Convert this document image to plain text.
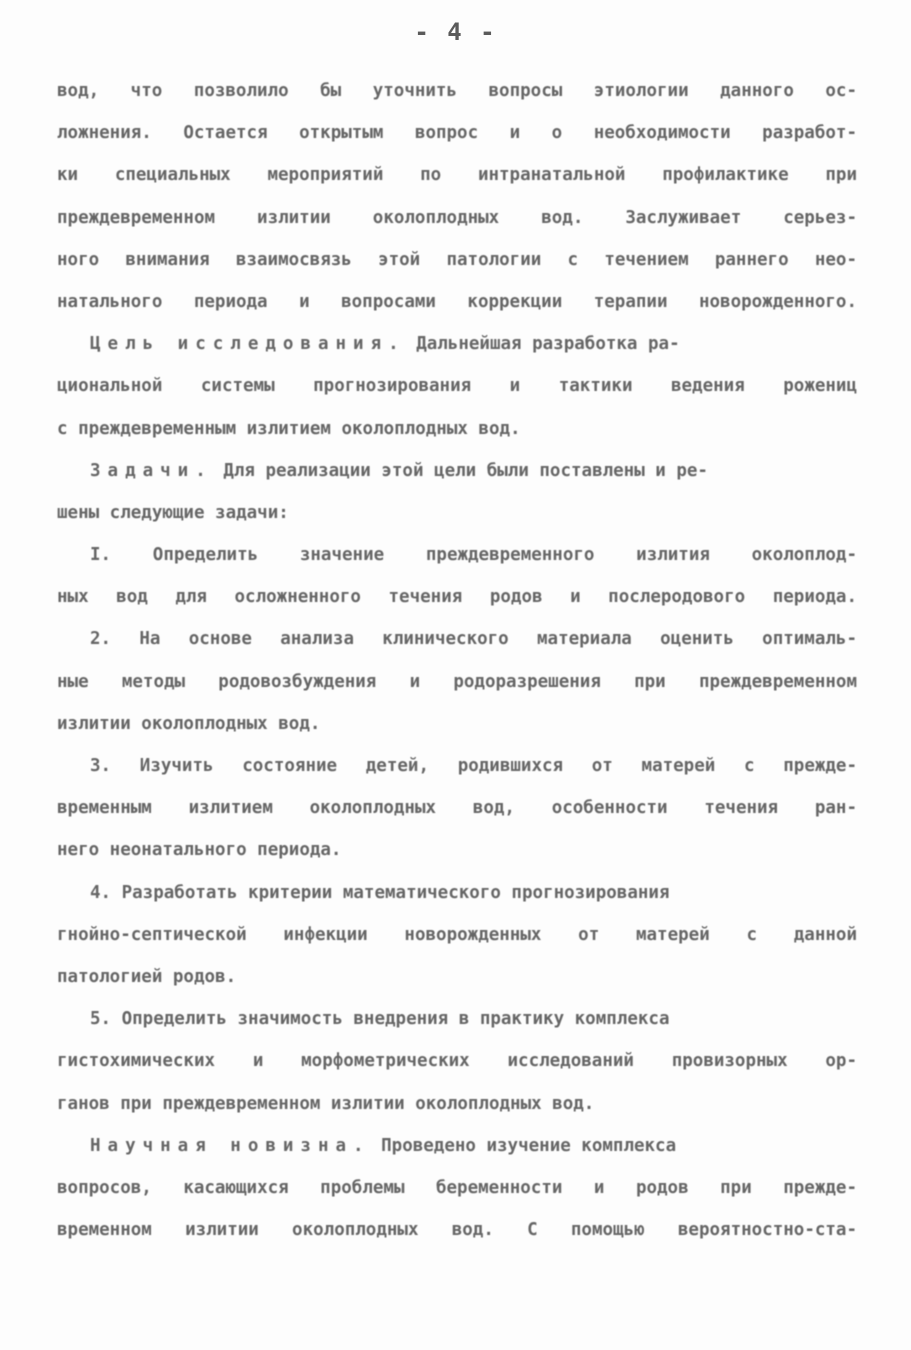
- 4 -
вод, что позволило бы уточнить вопросы этиологии данного ос-
ложнения. Остается открытым вопрос и о необходимости разработ-
ки специальных мероприятий по интранатальной профилактике при
преждевременном излитии околоплодных вод. Заслуживает серьез-
ного внимания взаимосвязь этой патологии с течением раннего нео-
натального периода и вопросами коррекции терапии новорожденного.
Цель исследования. Дальнейшая разработка ра-
циональной системы прогнозирования и тактики ведения рожениц
с преждевременным излитием околоплодных вод.
Задачи. Для реализации этой цели были поставлены и ре-
шены следующие задачи:
I. Определить значение преждевременного излития околоплод-
ных вод для осложненного течения родов и послеродового периода.
2. На основе анализа клинического материала оценить оптималь-
ные методы родовозбуждения и родоразрешения при преждевременном
излитии околоплодных вод.
3. Изучить состояние детей, родившихся от матерей с прежде-
временным излитием околоплодных вод, особенности течения ран-
него неонатального периода.
4. Разработать критерии математического прогнозирования
гнойно-септической инфекции новорожденных от матерей с данной
патологией родов.
5. Определить значимость внедрения в практику комплекса
гистохимических и морфометрических исследований провизорных ор-
ганов при преждевременном излитии околоплодных вод.
Научная новизна. Проведено изучение комплекса
вопросов, касающихся проблемы беременности и родов при прежде-
временном излитии околоплодных вод. С помощью вероятностно-ста-
